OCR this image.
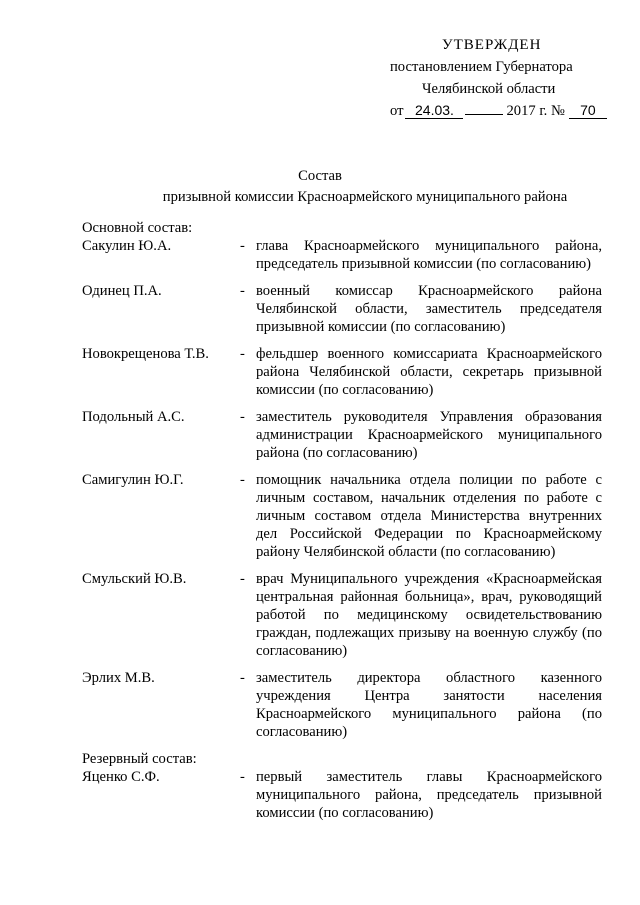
УТВЕРЖДЕН
постановлением Губернатора
Челябинской области
от 24.03.	2017 г. № 70
Состав
призывной комиссии Красноармейского муниципального района
Основной состав:
Сакулин Ю.А.	- глава Красноармейского муниципального района, председатель призывной комиссии (по согласованию)
Одинец П.А.	- военный комиссар Красноармейского района Челябинской области, заместитель председателя призывной комиссии (по согласованию)
Новокрещенова Т.В.	- фельдшер военного комиссариата Красноармейского района Челябинской области, секретарь призывной комиссии (по согласованию)
Подольный А.С.	- заместитель руководителя Управления образования администрации Красноармейского муниципального района (по согласованию)
Самигулин Ю.Г.	- помощник начальника отдела полиции по работе с личным составом, начальник отделения по работе с личным составом отдела Министерства внутренних дел Российской Федерации по Красноармейскому району Челябинской области (по согласованию)
Смульский Ю.В.	- врач Муниципального учреждения «Красноармейская центральная районная больница», врач, руководящий работой по медицинскому освидетельствованию граждан, подлежащих призыву на военную службу (по согласованию)
Эрлих М.В.	- заместитель директора областного казенного учреждения Центра занятости населения Красноармейского муниципального района (по согласованию)
Резервный состав:
Яценко С.Ф.	- первый заместитель главы Красноармейского муниципального района, председатель призывной комиссии (по согласованию)
